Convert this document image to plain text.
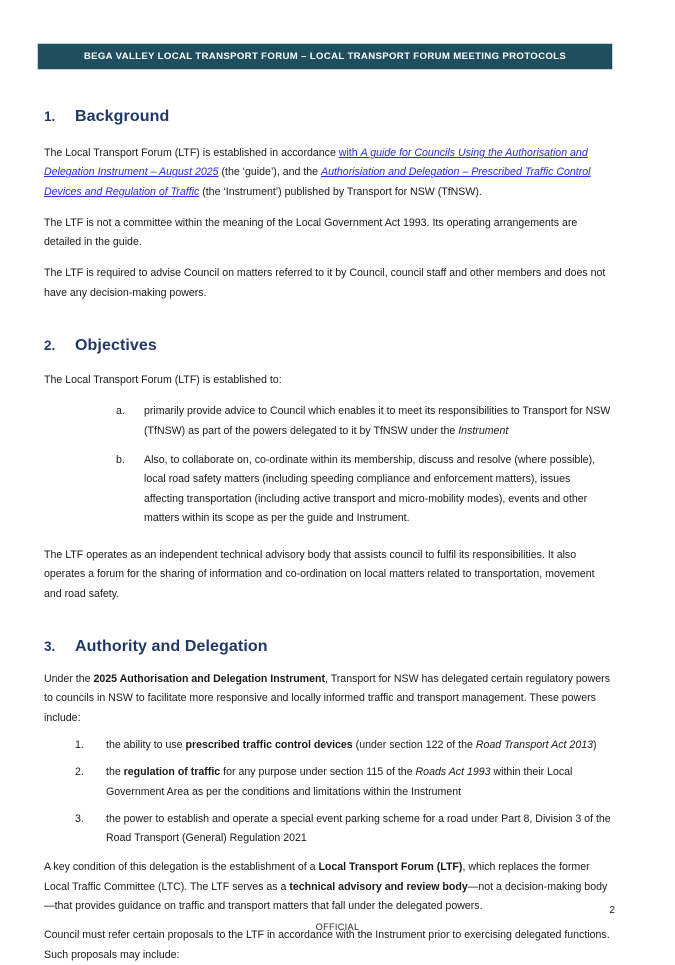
BEGA VALLEY LOCAL TRANSPORT FORUM – LOCAL TRANSPORT FORUM MEETING PROTOCOLS
1.	Background

The Local Transport Forum (LTF) is established in accordance with A guide for Councils Using the Authorisation and Delegation Instrument – August 2025 (the ‘guide’), and the Authorisiation and Delegation – Prescribed Traffic Control Devices and Regulation of Traffic (the ‘Instrument’) published by Transport for NSW (TfNSW).

The LTF is not a committee within the meaning of the Local Government Act 1993. Its operating arrangements are detailed in the guide.

The LTF is required to advise Council on matters referred to it by Council, council staff and other members and does not have any decision-making powers.

2.	Objectives

The Local Transport Forum (LTF) is established to:

a.	primarily provide advice to Council which enables it to meet its responsibilities to Transport for NSW (TfNSW) as part of the powers delegated to it by TfNSW under the Instrument
b.	Also, to collaborate on, co-ordinate within its membership, discuss and resolve (where possible), local road safety matters (including speeding compliance and enforcement matters), issues affecting transportation (including active transport and micro-mobility modes), events and other matters within its scope as per the guide and Instrument.

The LTF operates as an independent technical advisory body that assists council to fulfil its responsibilities. It also operates a forum for the sharing of information and co-ordination on local matters related to transportation, movement and road safety.

3.	Authority and Delegation

Under the 2025 Authorisation and Delegation Instrument, Transport for NSW has delegated certain regulatory powers to councils in NSW to facilitate more responsive and locally informed traffic and transport management. These powers include:

1.	the ability to use prescribed traffic control devices (under section 122 of the Road Transport Act 2013)
2.	the regulation of traffic for any purpose under section 115 of the Roads Act 1993 within their Local Government Area as per the conditions and limitations within the Instrument
3.	the power to establish and operate a special event parking scheme for a road under Part 8, Division 3 of the Road Transport (General) Regulation 2021

A key condition of this delegation is the establishment of a Local Transport Forum (LTF), which replaces the former Local Traffic Committee (LTC). The LTF serves as a technical advisory and review body—not a decision-making body—that provides guidance on traffic and transport matters that fall under the delegated powers.

Council must refer certain proposals to the LTF in accordance with the Instrument prior to exercising delegated functions. Such proposals may include:

2
OFFICIAL
